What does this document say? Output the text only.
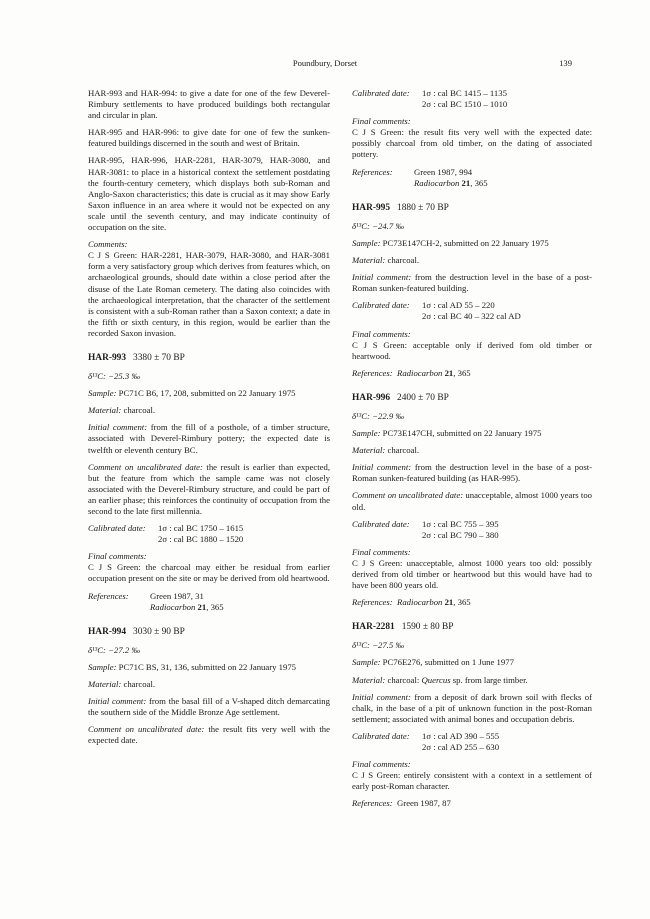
Poundbury, Dorset	139

HAR-993 and HAR-994: to give a date for one of the few Deverel-Rimbury settlements to have produced buildings both rectangular and circular in plan.

HAR-995 and HAR-996: to give date for one of few the sunken-featured buildings discerned in the south and west of Britain.

HAR-995, HAR-996, HAR-2281, HAR-3079, HAR-3080, and HAR-3081: to place in a historical context the settlement postdating the fourth-century cemetery, which displays both sub-Roman and Anglo-Saxon characteristics; this date is crucial as it may show Early Saxon influence in an area where it would not be expected on any scale until the seventh century, and may indicate continuity of occupation on the site.

Comments:

C J S Green: HAR-2281, HAR-3079, HAR-3080, and HAR-3081 form a very satisfactory group which derives from features which, on archaeological grounds, should date within a close period after the disuse of the Late Roman cemetery. The dating also coincides with the archaeological interpretation, that the character of the settlement is consistent with a sub-Roman rather than a Saxon context; a date in the fifth or sixth century, in this region, would be earlier than the recorded Saxon invasion.

HAR-993 3380 ± 70 BP

δ¹³C: −25.3 ‰

Sample: PC71C B6, 17, 208, submitted on 22 January 1975

Material: charcoal.

Initial comment: from the fill of a posthole, of a timber structure, associated with Deverel-Rimbury pottery; the expected date is twelfth or eleventh century BC.

Comment on uncalibrated date: the result is earlier than expected, but the feature from which the sample came was not closely associated with the Deverel-Rimbury structure, and could be part of an earlier phase; this reinforces the continuity of occupation from the second to the late first millennia.

Calibrated date:	1σ : cal BC 1750 – 1615
2σ : cal BC 1880 – 1520
Final comments:

C J S Green: the charcoal may either be residual from earlier occupation present on the site or may be derived from old heartwood.

References:	Green 1987, 31
Radiocarbon 21, 365
HAR-994 3030 ± 90 BP

δ¹³C: −27.2 ‰

Sample: PC71C BS, 31, 136, submitted on 22 January 1975

Material: charcoal.

Initial comment: from the basal fill of a V-shaped ditch demarcating the southern side of the Middle Bronze Age settlement.

Comment on uncalibrated date: the result fits very well with the expected date.

Calibrated date:	1σ : cal BC 1415 – 1135
2σ : cal BC 1510 – 1010
Final comments:

C J S Green: the result fits very well with the expected date: possibly charcoal from old timber, on the dating of associated pottery.

References:	Green 1987, 994
Radiocarbon 21, 365
HAR-995 1880 ± 70 BP

δ¹³C: −24.7 ‰

Sample: PC73E147CH-2, submitted on 22 January 1975

Material: charcoal.

Initial comment: from the destruction level in the base of a post-Roman sunken-featured building.

Calibrated date:	1σ : cal AD 55 – 220
2σ : cal BC 40 – 322 cal AD
Final comments:

C J S Green: acceptable only if derived fom old timber or heartwood.

References: Radiocarbon 21, 365

HAR-996 2400 ± 70 BP

δ¹³C: −22.9 ‰

Sample: PC73E147CH, submitted on 22 January 1975

Material: charcoal.

Initial comment: from the destruction level in the base of a post-Roman sunken-featured building (as HAR-995).

Comment on uncalibrated date: unacceptable, almost 1000 years too old.

Calibrated date:	1σ : cal BC 755 – 395
2σ : cal BC 790 – 380
Final comments:

C J S Green: unacceptable, almost 1000 years too old: possibly derived from old timber or heartwood but this would have had to have been 800 years old.

References: Radiocarbon 21, 365

HAR-2281 1590 ± 80 BP

δ¹³C: −27.5 ‰

Sample: PC76E276, submitted on 1 June 1977

Material: charcoal: Quercus sp. from large timber.

Initial comment: from a deposit of dark brown soil with flecks of chalk, in the base of a pit of unknown function in the post-Roman settlement; associated with animal bones and occupation debris.

Calibrated date:	1σ : cal AD 390 – 555
2σ : cal AD 255 – 630
Final comments:

C J S Green: entirely consistent with a context in a settlement of early post-Roman character.

References: Green 1987, 87
